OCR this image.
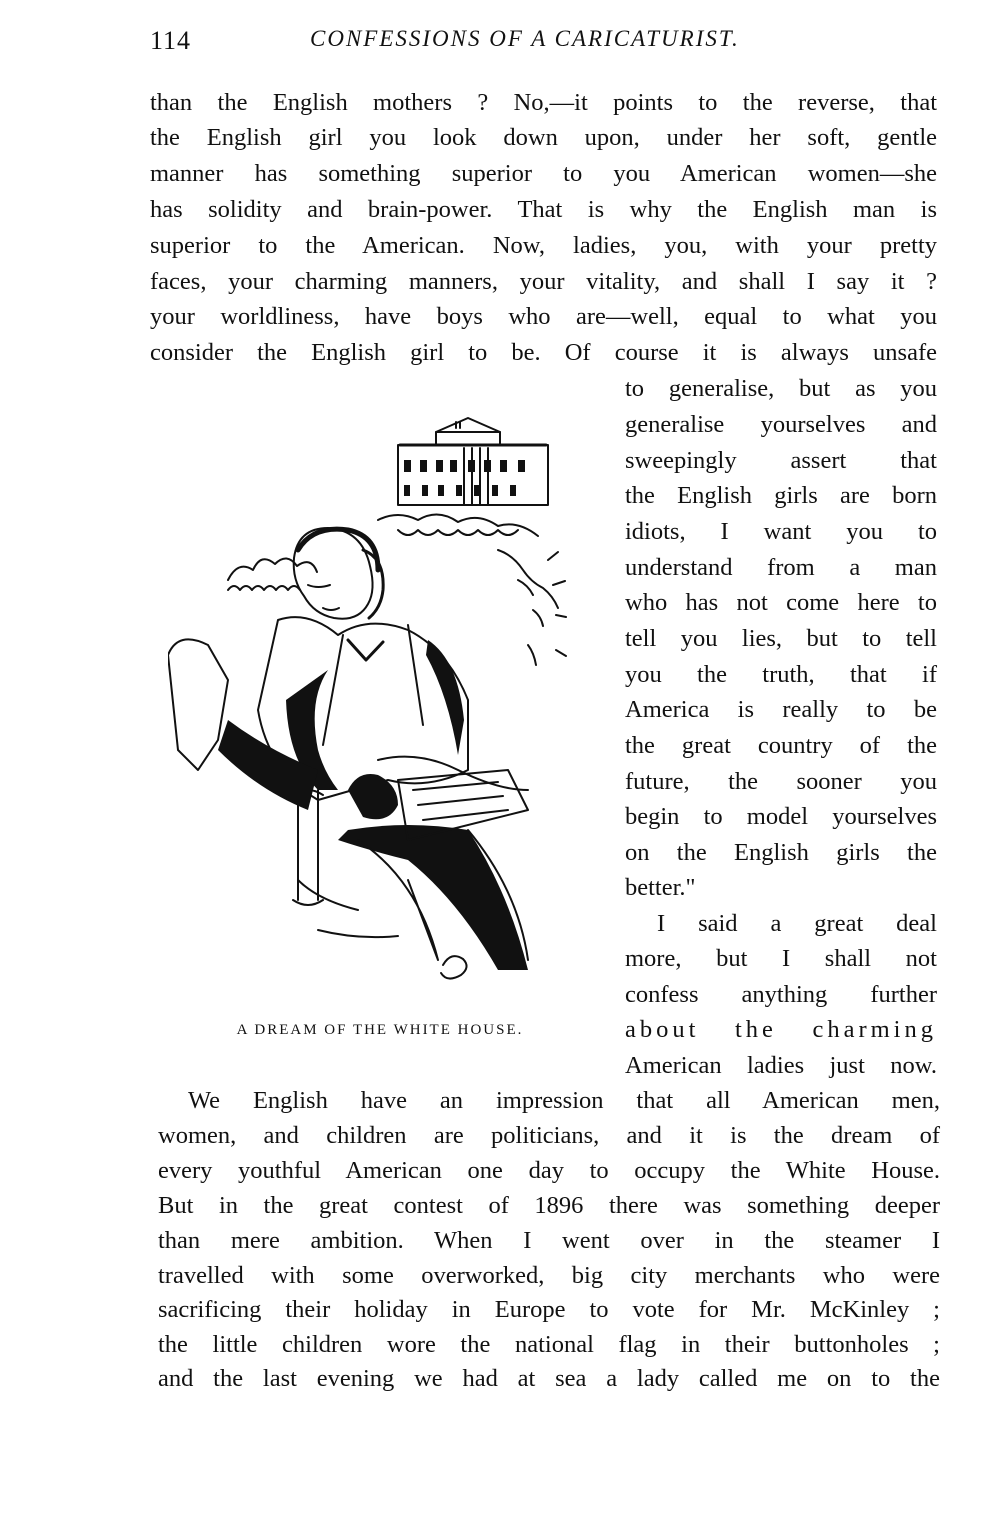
114	CONFESSIONS OF A CARICATURIST.
than the English mothers ? No,—it points to the reverse, that
the English girl you look down upon, under her soft, gentle
manner has something superior to you American women—she
has solidity and brain-power. That is why the English man is
superior to the American. Now, ladies, you, with your pretty
faces, your charming manners, your vitality, and shall I say it ?
your worldliness, have boys who are—well, equal to what you
consider the English girl to be. Of course it is always unsafe
to generalise, but as you
generalise yourselves and
sweepingly assert that
the English girls are born
idiots, I want you to
understand from a man
who has not come here to
tell you lies, but to tell
you the truth, that if
America is really to be
the great country of the
future, the sooner you
begin to model yourselves
on the English girls the
better."
I said a great deal
more, but I shall not
confess anything further
about the charming
American ladies just now.
A DREAM OF THE WHITE HOUSE.
We English have an impression that all American men,
women, and children are politicians, and it is the dream of
every youthful American one day to occupy the White House.
But in the great contest of 1896 there was something deeper
than mere ambition. When I went over in the steamer I
travelled with some overworked, big city merchants who were
sacrificing their holiday in Europe to vote for Mr. McKinley ;
the little children wore the national flag in their buttonholes ;
and the last evening we had at sea a lady called me on to the
